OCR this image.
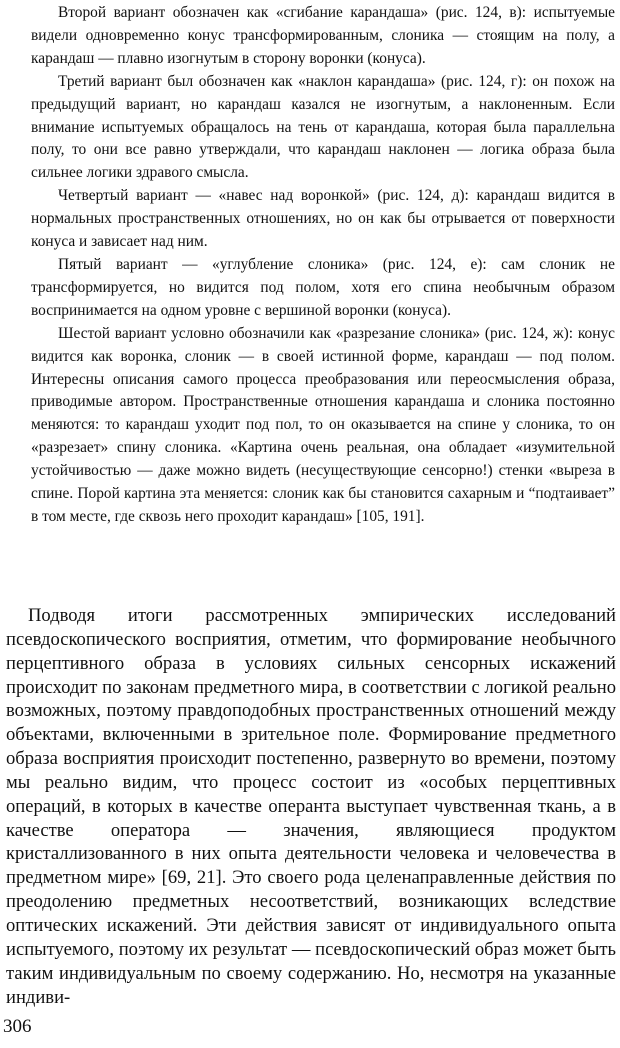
Второй вариант обозначен как «сгибание карандаша» (рис. 124, в): испытуемые видели одновременно конус трансформированным, слоника — стоящим на полу, а карандаш — плавно изогнутым в сторону воронки (конуса).

Третий вариант был обозначен как «наклон карандаша» (рис. 124, г): он похож на предыдущий вариант, но карандаш казался не изогнутым, а наклоненным. Если внимание испытуемых обращалось на тень от карандаша, которая была параллельна полу, то они все равно утверждали, что карандаш наклонен — логика образа была сильнее логики здравого смысла.

Четвертый вариант — «навес над воронкой» (рис. 124, д): карандаш видится в нормальных пространственных отношениях, но он как бы отрывается от поверхности конуса и зависает над ним.

Пятый вариант — «углубление слоника» (рис. 124, е): сам слоник не трансформируется, но видится под полом, хотя его спина необычным образом воспринимается на одном уровне с вершиной воронки (конуса).

Шестой вариант условно обозначили как «разрезание слоника» (рис. 124, ж): конус видится как воронка, слоник — в своей истинной форме, карандаш — под полом. Интересны описания самого процесса преобразования или переосмысления образа, приводимые автором. Пространственные отношения карандаша и слоника постоянно меняются: то карандаш уходит под пол, то он оказывается на спине у слоника, то он «разрезает» спину слоника. «Картина очень реальная, она обладает «изумительной устойчивостью — даже можно видеть (несуществующие сенсорно!) стенки «выреза в спине. Порой картина эта меняется: слоник как бы становится сахарным и “подтаивает” в том месте, где сквозь него проходит карандаш» [105, 191].

Подводя итоги рассмотренных эмпирических исследований псевдоскопического восприятия, отметим, что формирование необычного перцептивного образа в условиях сильных сенсорных искажений происходит по законам предметного мира, в соответствии с логикой реально возможных, поэтому правдоподобных пространственных отношений между объектами, включенными в зрительное поле. Формирование предметного образа восприятия происходит постепенно, развернуто во времени, поэтому мы реально видим, что процесс состоит из «особых перцептивных операций, в которых в качестве операнта выступает чувственная ткань, а в качестве оператора — значения, являющиеся продуктом кристаллизованного в них опыта деятельности человека и человечества в предметном мире» [69, 21]. Это своего рода целенаправленные действия по преодолению предметных несоответствий, возникающих вследствие оптических искажений. Эти действия зависят от индивидуального опыта испытуемого, поэтому их результат — псевдоскопический образ может быть таким индивидуальным по своему содержанию. Но, несмотря на указанные индиви-

306
